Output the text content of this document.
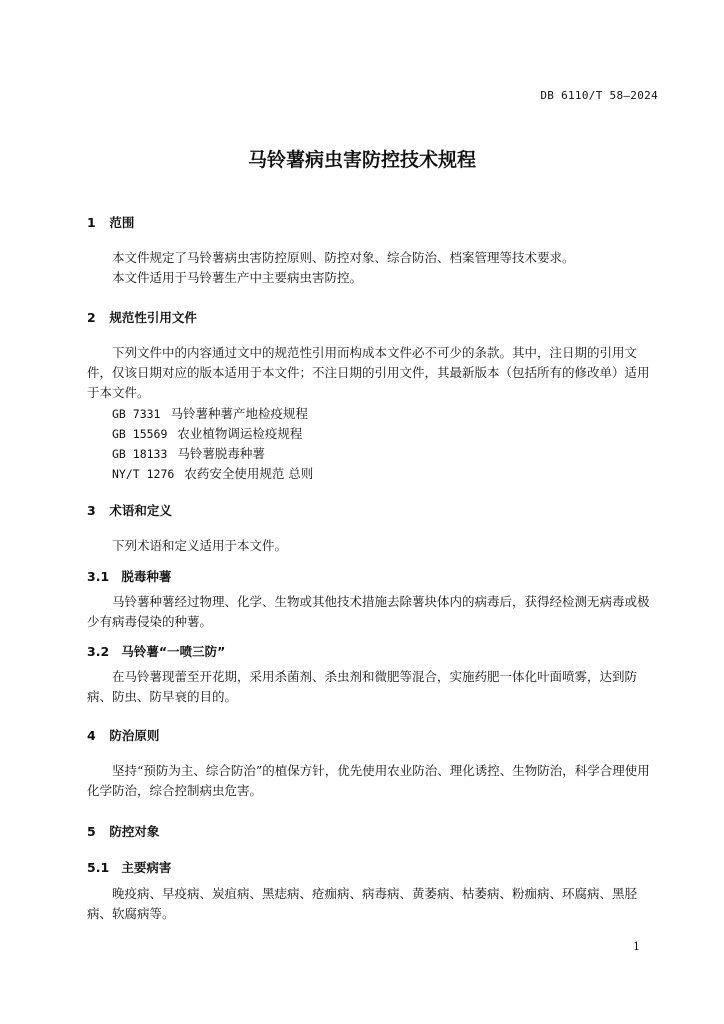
DB 6110/T 58—2024
马铃薯病虫害防控技术规程
1 范围

本文件规定了马铃薯病虫害防控原则、防控对象、综合防治、档案管理等技术要求。

本文件适用于马铃薯生产中主要病虫害防控。

2 规范性引用文件

下列文件中的内容通过文中的规范性引用而构成本文件必不可少的条款。其中，注日期的引用文件，仅该日期对应的版本适用于本文件；不注日期的引用文件，其最新版本（包括所有的修改单）适用于本文件。

GB 7331 马铃薯种薯产地检疫规程
GB 15569 农业植物调运检疫规程
GB 18133 马铃薯脱毒种薯
NY/T 1276 农药安全使用规范 总则
3 术语和定义

下列术语和定义适用于本文件。

3.1 脱毒种薯

马铃薯种薯经过物理、化学、生物或其他技术措施去除薯块体内的病毒后，获得经检测无病毒或极少有病毒侵染的种薯。

3.2 马铃薯“一喷三防”

在马铃薯现蕾至开花期，采用杀菌剂、杀虫剂和微肥等混合，实施药肥一体化叶面喷雾，达到防病、防虫、防早衰的目的。

4 防治原则

坚持“预防为主、综合防治”的植保方针，优先使用农业防治、理化诱控、生物防治，科学合理使用化学防治，综合控制病虫危害。

5 防控对象
5.1 主要病害

晚疫病、早疫病、炭疽病、黑痣病、疮痂病、病毒病、黄萎病、枯萎病、粉痂病、环腐病、黑胫病、软腐病等。

1
